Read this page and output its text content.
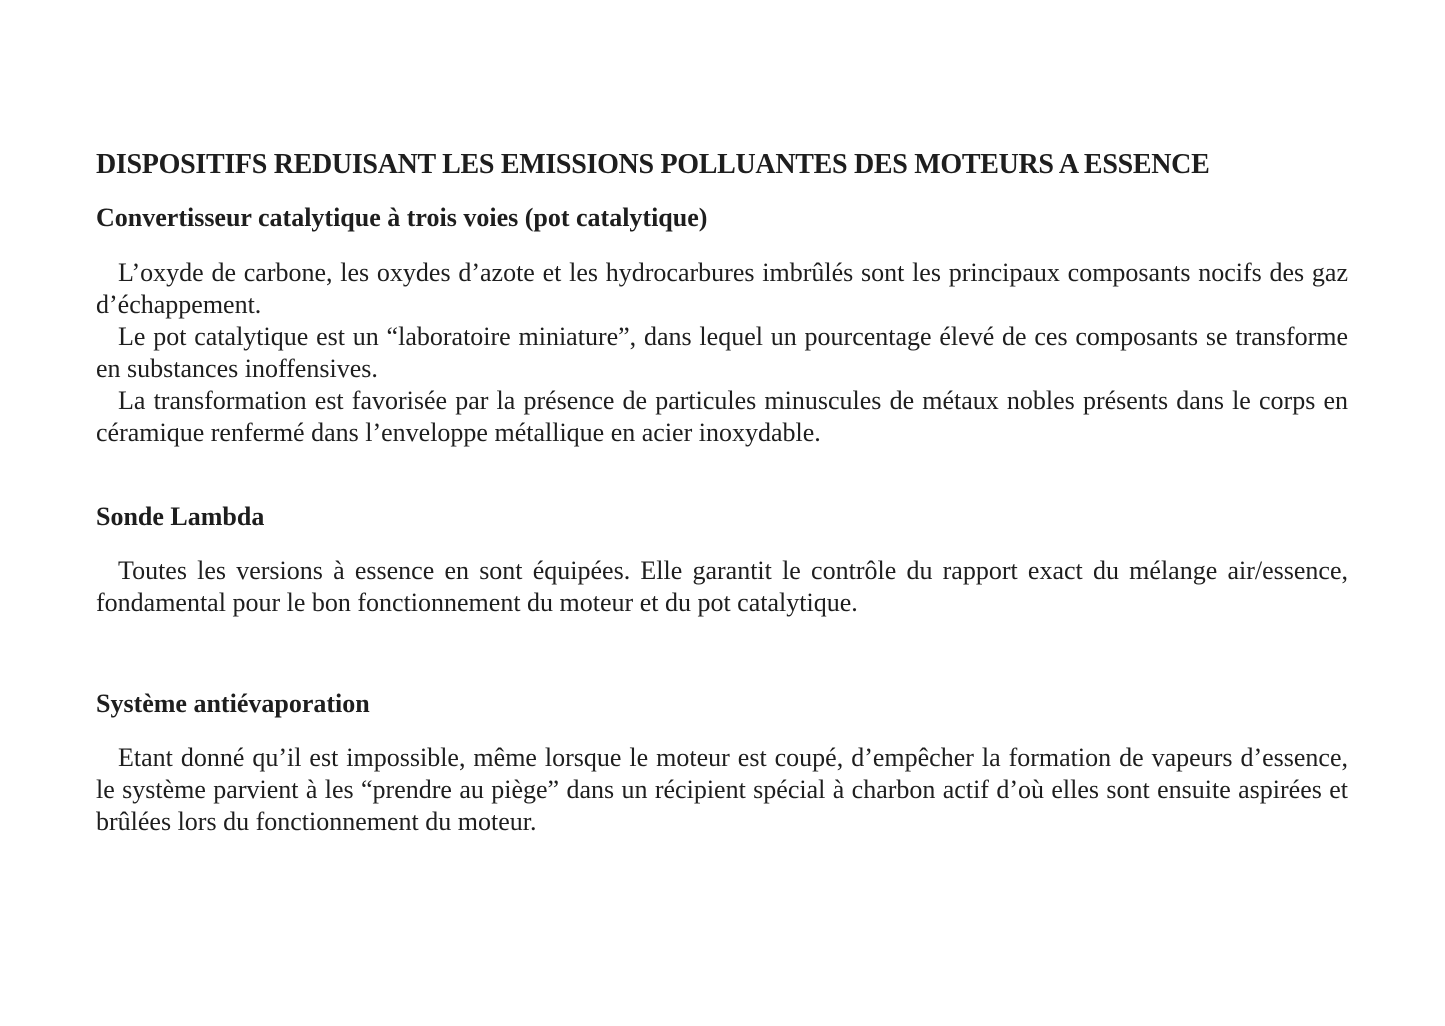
DISPOSITIFS REDUISANT LES EMISSIONS POLLUANTES DES MOTEURS A ESSENCE
Convertisseur catalytique à trois voies (pot catalytique)

L’oxyde de carbone, les oxydes d’azote et les hydrocarbures imbrûlés sont les principaux composants nocifs des gaz d’échappement.

Le pot catalytique est un “laboratoire miniature”, dans lequel un pourcentage élevé de ces composants se transforme en substances inoffensives.

La transformation est favorisée par la présence de particules minuscules de métaux nobles présents dans le corps en céramique renfermé dans l’enveloppe métallique en acier inoxydable.

Sonde Lambda

Toutes les versions à essence en sont équipées. Elle garantit le contrôle du rapport exact du mélange air/essence, fondamental pour le bon fonctionnement du moteur et du pot catalytique.

Système antiévaporation

Etant donné qu’il est impossible, même lorsque le moteur est coupé, d’empêcher la formation de vapeurs d’essence, le système parvient à les “prendre au piège” dans un récipient spécial à charbon actif d’où elles sont ensuite aspirées et brûlées lors du fonctionnement du moteur.
